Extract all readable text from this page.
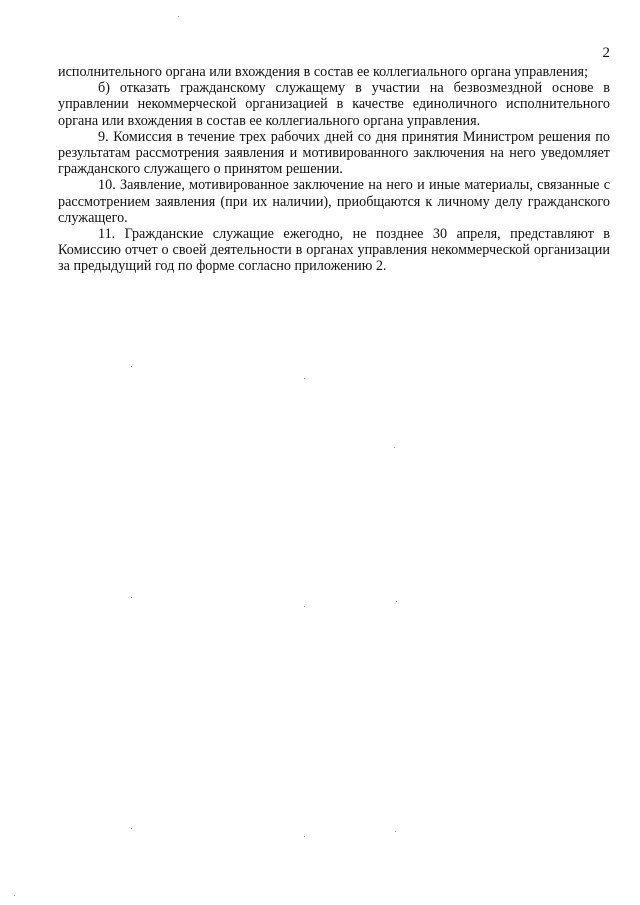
2

исполнительного органа или вхождения в состав ее коллегиального органа управления;

б) отказать гражданскому служащему в участии на безвозмездной основе в управлении некоммерческой организацией в качестве единоличного исполнительного органа или вхождения в состав ее коллегиального органа управления.

9. Комиссия в течение трех рабочих дней со дня принятия Министром решения по результатам рассмотрения заявления и мотивированного заключения на него уведомляет гражданского служащего о принятом решении.

10. Заявление, мотивированное заключение на него и иные материалы, связанные с рассмотрением заявления (при их наличии), приобщаются к личному делу гражданского служащего.

11. Гражданские служащие ежегодно, не позднее 30 апреля, представляют в Комиссию отчет о своей деятельности в органах управления некоммерческой организации за предыдущий год по форме согласно приложению 2.
